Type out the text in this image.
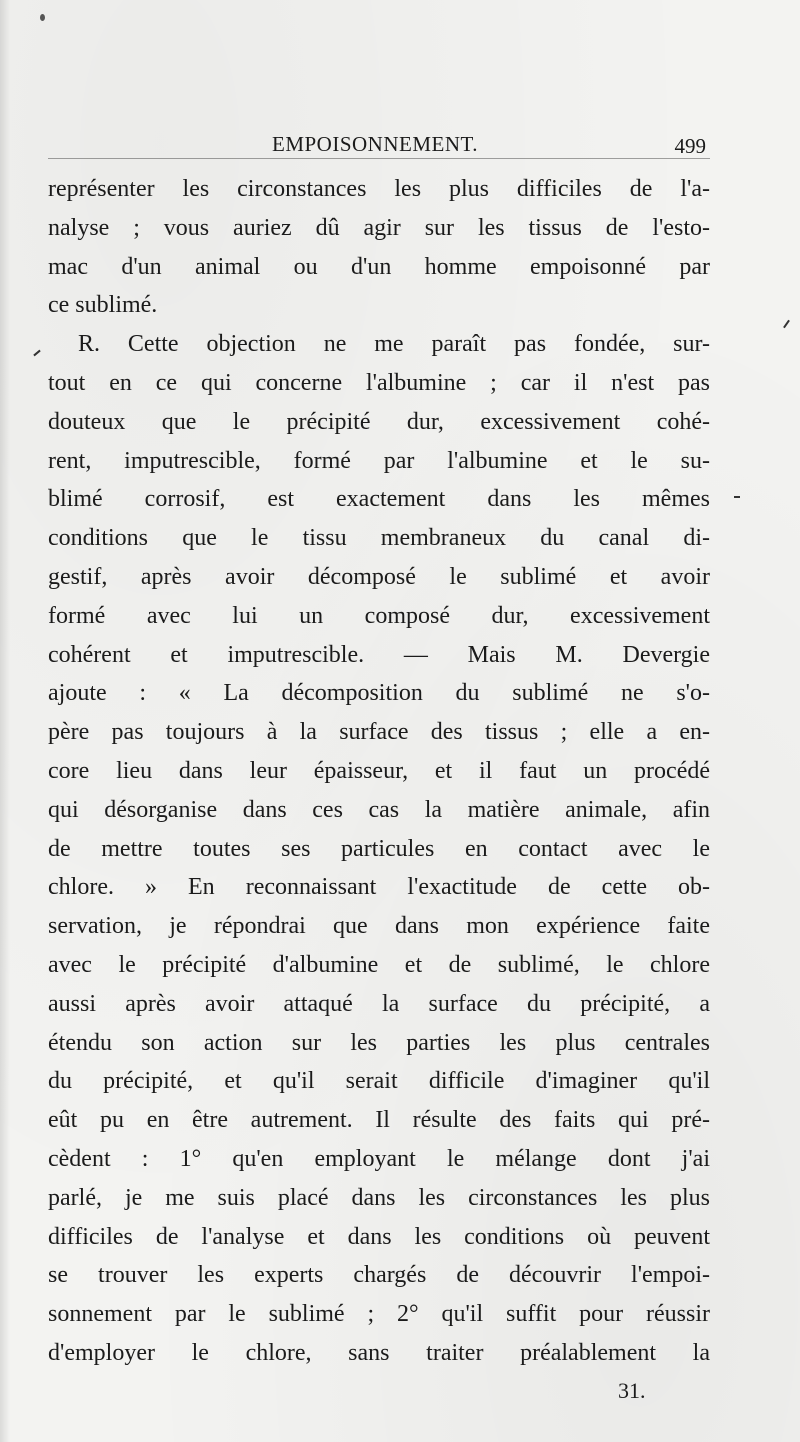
EMPOISONNEMENT.	499
représenter les circonstances les plus difficiles de l'a-
nalyse ; vous auriez dû agir sur les tissus de l'esto-
mac d'un animal ou d'un homme empoisonné par
ce sublimé.
R. Cette objection ne me paraît pas fondée, sur-
tout en ce qui concerne l'albumine ; car il n'est pas
douteux que le précipité dur, excessivement cohé-
rent, imputrescible, formé par l'albumine et le su-
blimé corrosif, est exactement dans les mêmes
conditions que le tissu membraneux du canal di-
gestif, après avoir décomposé le sublimé et avoir
formé avec lui un composé dur, excessivement
cohérent et imputrescible. — Mais M. Devergie
ajoute : « La décomposition du sublimé ne s'o-
père pas toujours à la surface des tissus ; elle a en-
core lieu dans leur épaisseur, et il faut un procédé
qui désorganise dans ces cas la matière animale, afin
de mettre toutes ses particules en contact avec le
chlore. » En reconnaissant l'exactitude de cette ob-
servation, je répondrai que dans mon expérience faite
avec le précipité d'albumine et de sublimé, le chlore
aussi après avoir attaqué la surface du précipité, a
étendu son action sur les parties les plus centrales
du précipité, et qu'il serait difficile d'imaginer qu'il
eût pu en être autrement. Il résulte des faits qui pré-
cèdent : 1° qu'en employant le mélange dont j'ai
parlé, je me suis placé dans les circonstances les plus
difficiles de l'analyse et dans les conditions où peuvent
se trouver les experts chargés de découvrir l'empoi-
sonnement par le sublimé ; 2° qu'il suffit pour réussir
d'employer le chlore, sans traiter préalablement la
31.
